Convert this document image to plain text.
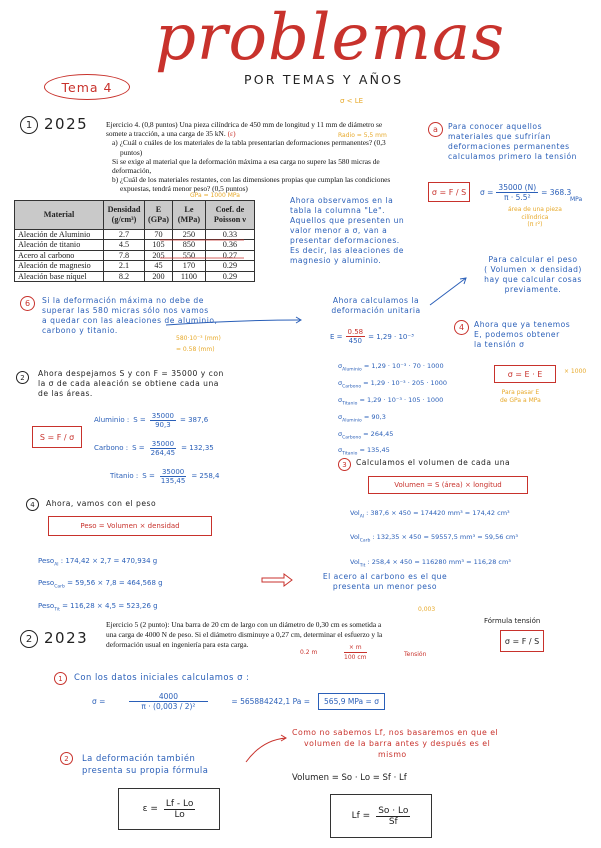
problemas
POR TEMAS Y AÑOS
Tema 4
σ < LE
1 2025 Ejercicio 4. (0,8 puntos) Una pieza cilíndrica de 450 mm de longitud y 11 mm de diámetro se

somete a tracción, a una carga de 35 kN. (ε)

a) ¿Cuál o cuáles de los materiales de la tabla presentarían deformaciones permanentes? (0,3

puntos)

Si se exige al material que la deformación máxima a esa carga no supere las 580 micras de

deformación,

b) ¿Cuál de los materiales restantes, con las dimensiones propias que cumplan las condiciones

expuestas, tendrá menor peso? (0,5 puntos)

Radio = 5,5 mm
GPa = 1000 MPa
Material	Densidad (g/cm³)	E (GPa)	Le (MPa)	Coef. de Poisson ν
Aleación de Aluminio	2.7	70	250	0.33
Aleación de titanio	4.5	105	850	0.36
Acero al carbono	7.8	205	550	0.27
Aleación de magnesio	2.1	45	170	0.29
Aleación base níquel	8.2	200	1100	0.29
a	Para conocer aquellos
materiales que sufrirían
deformaciones permanentes
calculamos primero la tensión
σ = F / S	$\sigma = \frac{35000 (N)}{\text{π · 5.5²}} = 368.3$
MPa
área de una pieza
cilíndrica
(π r²)
Ahora observamos en la
tabla la columna "Le".
Aquellos que presenten un
valor menor a σ, van a
presentar deformaciones.
Es decir, las aleaciones de
magnesio y aluminio.	Para calcular el peso
( Volumen × densidad)
hay que calcular cosas
previamente.
6	Si la deformación máxima no debe de
superar las 580 micras sólo nos vamos
a quedar con las aleaciones de aluminio,
carbono y titanio.
580·10⁻³ (mm)
= 0.58 (mm)
Ahora calculamos la
deformación unitaria
$E = \frac{0.58}{450} = 1,29 \cdot 10^{-3}$
4	Ahora que ya tenemos
E, podemos obtener
la tensión σ
σ = E · E	× 1000
Para pasar E
de GPa a MPa
$\sigma_{Aluminio} = 1,29 \cdot 10^{-3} \cdot 70 \cdot 1000$
$\sigma_{Carbono} = 1,29 \cdot 10^{-3} \cdot 205 \cdot 1000$
$\sigma_{Titanio} = 1,29 \cdot 10^{-3} \cdot 105 \cdot 1000$
$\sigma_{Aluminio} = 90,3$
$\sigma_{Carbono} = 264,45$
$\sigma_{Titanio} = 135,45$
2	Ahora despejamos S y con F = 35000 y con
la σ de cada aleación se obtiene cada una
de las áreas.
S = F / σ
Aluminio : $S = \frac{35000}{90,3} = 387,6$
Carbono : $S = \frac{35000}{264,45} = 132,35$
Titanio : $S = \frac{35000}{135,45} = 258,4$
3	Calculamos el volumen de cada una
Volumen = S (área) × longitud
Vol$_{Al}$ : 387,6 × 450 = 174420 mm³ = 174,42 cm³
Vol$_{Carb}$ : 132,35 × 450 = 59557,5 mm³ = 59,56 cm³
Vol$_{Tit}$ : 258,4 × 450 = 116280 mm³ = 116,28 cm³
4	Ahora, vamos con el peso
Peso = Volumen × densidad
Peso$_{Al}$ : 174,42 × 2,7 = 470,934 g
Peso$_{Carb}$ = 59,56 × 7,8 = 464,568 g
Peso$_{Tit}$ = 116,28 × 4,5 = 523,26 g
El acero al carbono es el que
presenta un menor peso
2 2023

Ejercicio 5 (2 punto): Una barra de 20 cm de largo con un diámetro de 0,30 cm es sometida a

una carga de 4000 N de peso. Si el diámetro disminuye a 0,27 cm, determinar el esfuerzo y la

deformación usual en ingeniería para esta carga.

0,003
0.2 m
× m
100 cm	Tensión
Fórmula tensión
σ = F / S
1	Con los datos iniciales calculamos σ :
$\sigma = \frac{4000}{\text{π · (0,003 / 2)²}} = 565884242,1$ Pa =	565,9 MPa = σ
2	La deformación también
presenta su propia fórmula
$\varepsilon = \frac{Lf - Lo}{Lo}$
Como no sabemos Lf, nos basaremos en que el
volumen de la barra antes y después es el
mismo
Volumen = So · Lo = Sf · Lf
$Lf = \frac{So \cdot Lo}{Sf}$
